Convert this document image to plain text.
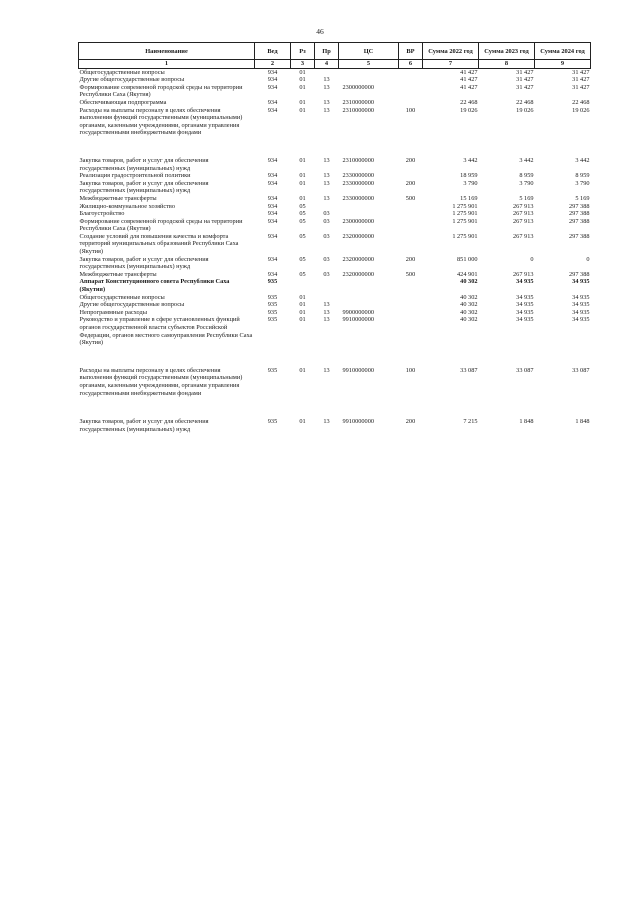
46
Наименование	Вед	Рз	Пр	ЦС	ВР	Сумма 2022 год	Сумма 2023 год	Сумма 2024 год
1	2	3	4	5	6	7	8	9
Общегосударственные вопросы	934	01				41 427	31 427	31 427
Другие общегосударственные вопросы	934	01	13			41 427	31 427	31 427
Формирование современной городской среды на территории Республики Саха (Якутия)	934	01	13	2300000000		41 427	31 427	31 427
Обеспечивающая подпрограмма	934	01	13	2310000000		22 468	22 468	22 468
Расходы на выплаты персоналу в целях обеспечения выполнения функций государственными (муниципальными) органами, казенными учреждениями, органами управления государственными внебюджетными фондами	934	01	13	2310000000	100	19 026	19 026	19 026
Закупка товаров, работ и услуг для обеспечения государственных (муниципальных) нужд	934	01	13	2310000000	200	3 442	3 442	3 442
Реализация градостроительной политики	934	01	13	2330000000		18 959	8 959	8 959
Закупка товаров, работ и услуг для обеспечения государственных (муниципальных) нужд	934	01	13	2330000000	200	3 790	3 790	3 790
Межбюджетные трансферты	934	01	13	2330000000	500	15 169	5 169	5 169
Жилищно-коммунальное хозяйство	934	05				1 275 901	267 913	297 388
Благоустройство	934	05	03			1 275 901	267 913	297 388
Формирование современной городской среды на территории Республики Саха (Якутия)	934	05	03	2300000000		1 275 901	267 913	297 388
Создание условий для повышения качества и комфорта территорий муниципальных образований Республики Саха (Якутия)	934	05	03	2320000000		1 275 901	267 913	297 388
Закупка товаров, работ и услуг для обеспечения государственных (муниципальных) нужд	934	05	03	2320000000	200	851 000	0	0
Межбюджетные трансферты	934	05	03	2320000000	500	424 901	267 913	297 388
Аппарат Конституционного совета Республики Саха (Якутия)	935					40 302	34 935	34 935
Общегосударственные вопросы	935	01				40 302	34 935	34 935
Другие общегосударственные вопросы	935	01	13			40 302	34 935	34 935
Непрограммные расходы	935	01	13	9900000000		40 302	34 935	34 935
Руководство и управление в сфере установленных функций органов государственной власти субъектов Российской Федерации, органов местного самоуправления Республики Саха (Якутия)	935	01	13	9910000000		40 302	34 935	34 935
Расходы на выплаты персоналу в целях обеспечения выполнения функций государственными (муниципальными) органами, казенными учреждениями, органами управления государственными внебюджетными фондами	935	01	13	9910000000	100	33 087	33 087	33 087
Закупка товаров, работ и услуг для обеспечения государственных (муниципальных) нужд	935	01	13	9910000000	200	7 215	1 848	1 848
